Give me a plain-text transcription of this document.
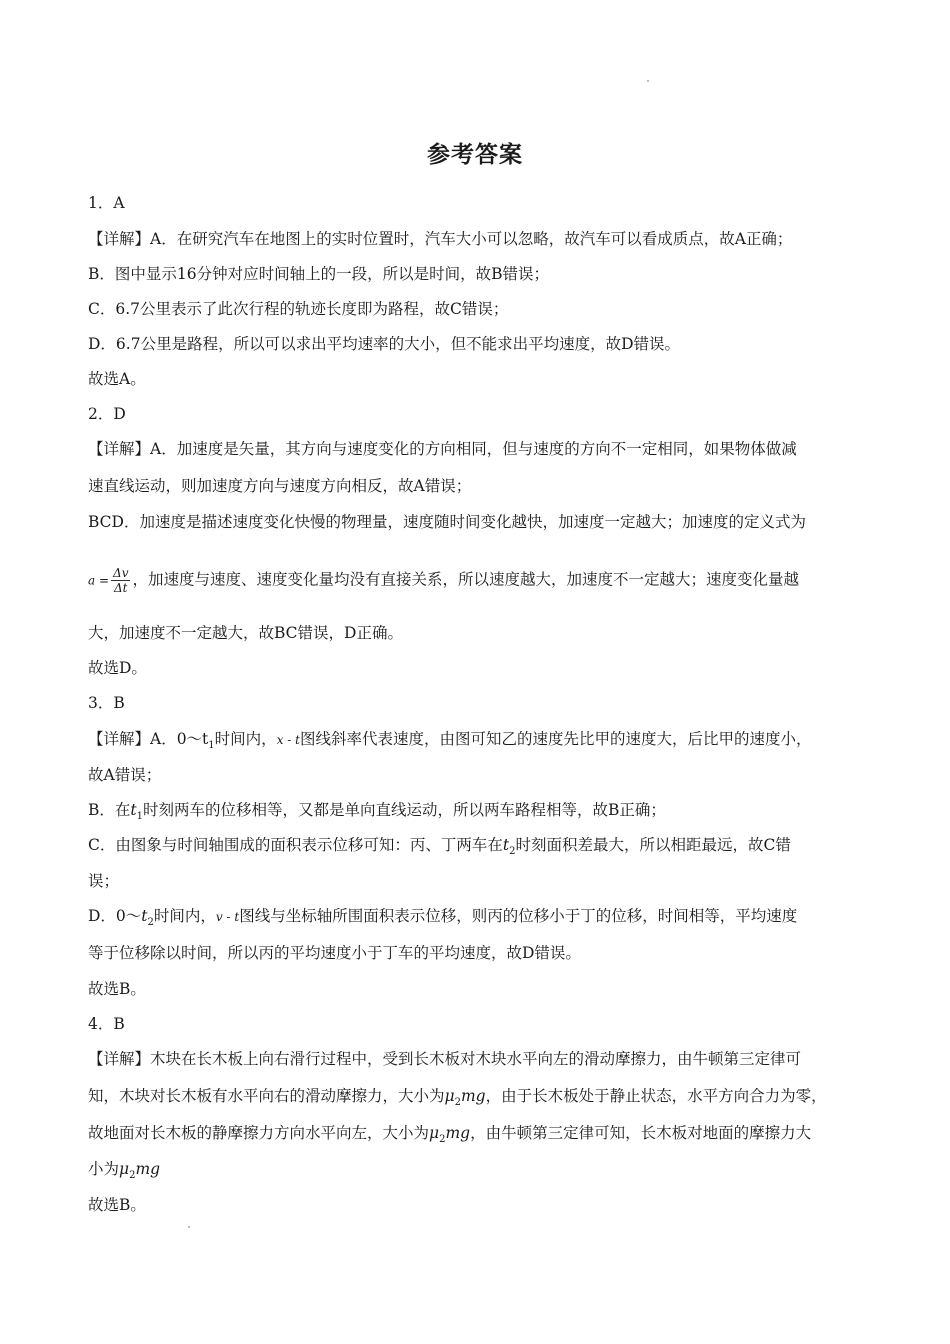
参考答案
1．A
【详解】A．在研究汽车在地图上的实时位置时，汽车大小可以忽略，故汽车可以看成质点，故A正确；
B．图中显示16分钟对应时间轴上的一段，所以是时间，故B错误；
C．6.7公里表示了此次行程的轨迹长度即为路程，故C错误；
D．6.7公里是路程，所以可以求出平均速率的大小，但不能求出平均速度，故D错误。
故选A。
2．D
【详解】A．加速度是矢量，其方向与速度变化的方向相同，但与速度的方向不一定相同，如果物体做减
速直线运动，则加速度方向与速度方向相反，故A错误；
BCD．加速度是描述速度变化快慢的物理量，速度随时间变化越快，加速度一定越大；加速度的定义式为
$a = \frac{\Delta v}{\Delta t}$ ，加速度与速度、速度变化量均没有直接关系，所以速度越大，加速度不一定越大；速度变化量越
大，加速度不一定越大，故BC错误，D正确。
故选D。
3．B
【详解】A．$0\sim t_1$时间内，x - t图线斜率代表速度，由图可知乙的速度先比甲的速度大，后比甲的速度小，
故A错误；
B．在$t_1$时刻两车的位移相等，又都是单向直线运动，所以两车路程相等，故B正确；
C．由图象与时间轴围成的面积表示位移可知：丙、丁两车在$t_2$时刻面积差最大，所以相距最远，故C错
误；
D．$0\sim t_2$时间内，v - t图线与坐标轴所围面积表示位移，则丙的位移小于丁的位移，时间相等，平均速度
等于位移除以时间，所以丙的平均速度小于丁车的平均速度，故D错误。
故选B。
4．B
【详解】木块在长木板上向右滑行过程中，受到长木板对木块水平向左的滑动摩擦力，由牛顿第三定律可
知，木块对长木板有水平向右的滑动摩擦力，大小为$\mu_2mg$，由于长木板处于静止状态，水平方向合力为零，
故地面对长木板的静摩擦力方向水平向左，大小为$\mu_2mg$，由牛顿第三定律可知，长木板对地面的摩擦力大
小为$\mu_2mg$
故选B。
